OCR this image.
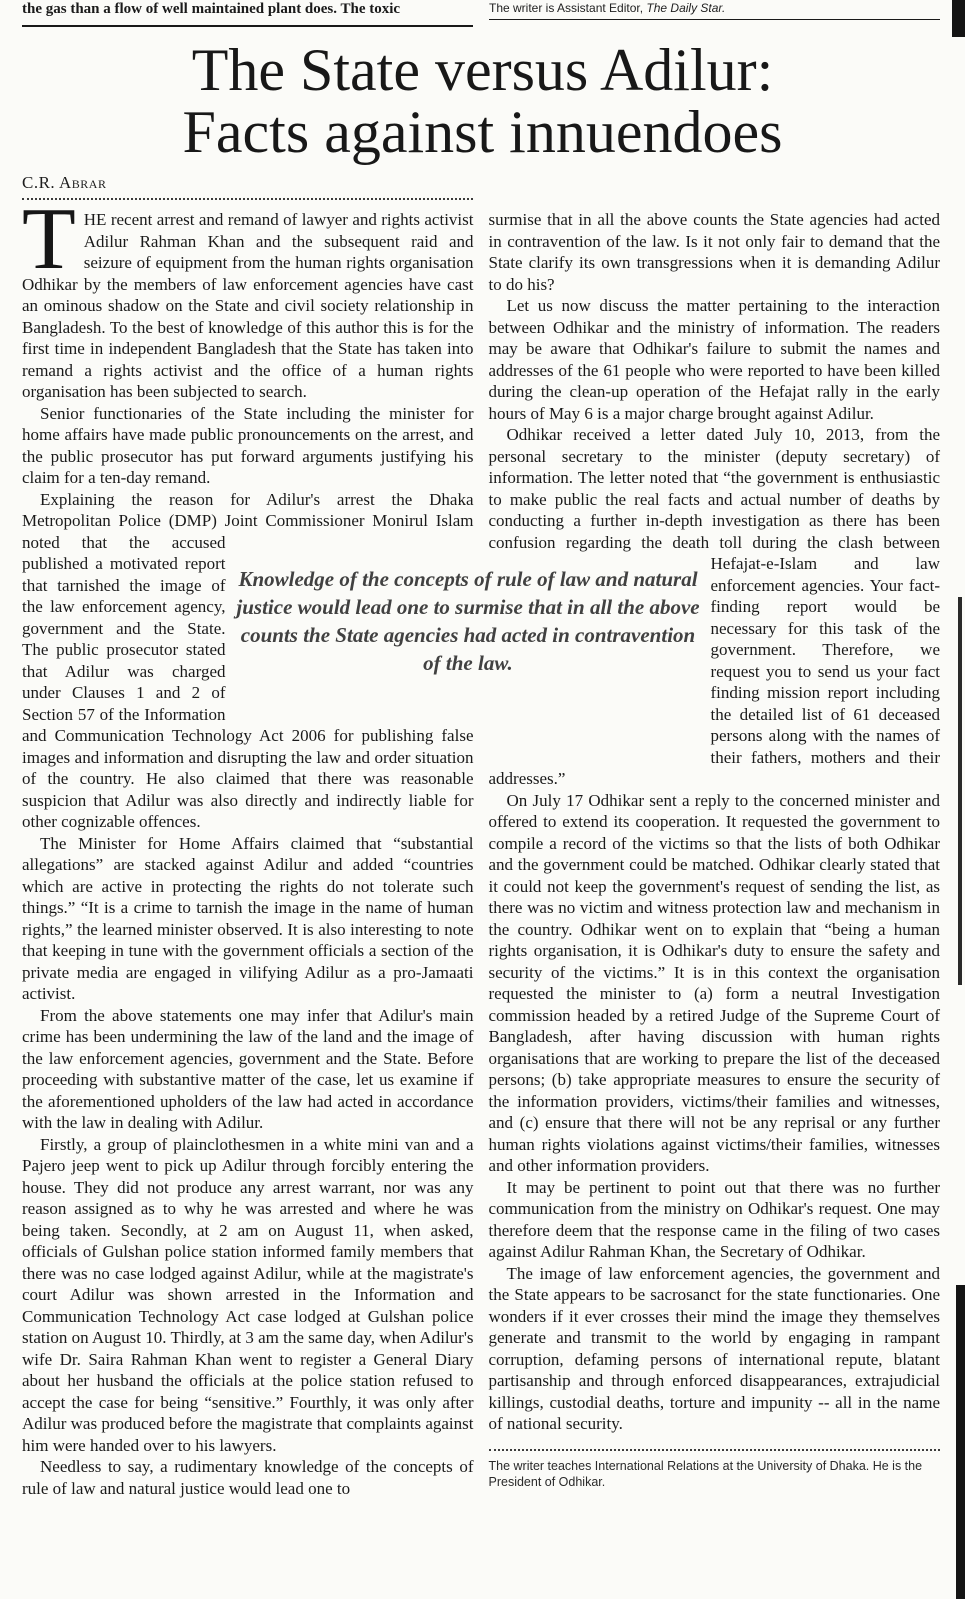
the gas than a flow of well maintained plant does. The toxic	The writer is Assistant Editor, The Daily Star.
The State versus Adilur:
Facts against innuendoes
C.R. Abrar

THE recent arrest and remand of lawyer and rights activist Adilur Rahman Khan and the subsequent raid and seizure of equipment from the human rights organisation Odhikar by the members of law enforcement agencies have cast an ominous shadow on the State and civil society relationship in Bangladesh. To the best of knowledge of this author this is for the first time in independent Bangladesh that the State has taken into remand a rights activist and the office of a human rights organisation has been subjected to search.

Senior functionaries of the State including the minister for home affairs have made public pronouncements on the arrest, and the public prosecutor has put forward arguments justifying his claim for a ten-day remand.

Explaining the reason for Adilur's arrest the Dhaka Metropolitan Police (DMP) Joint Commissioner Monirul
Islam noted that the accused published a motivated report that tarnished the image of the law enforcement agency, government and the State. The public prosecutor stated that Adilur was charged under Clauses 1 and 2 of Section 57 of the Information and Communication Technology Act 2006 for publishing false images and information and disrupting the law and order situation of the country. He also claimed that there was reasonable suspicion that Adilur was also directly and indirectly liable for other cognizable offences.

The Minister for Home Affairs claimed that “substantial allegations” are stacked against Adilur and added “countries which are active in protecting the rights do not tolerate such things.” “It is a crime to tarnish the image in the name of human rights,” the learned minister observed. It is also interesting to note that keeping in tune with the government officials a section of the private media are engaged in vilifying Adilur as a pro-Jamaati activist.

From the above statements one may infer that Adilur's main crime has been undermining the law of the land and the image of the law enforcement agencies, government and the State. Before proceeding with substantive matter of the case, let us examine if the aforementioned upholders of the law had acted in accordance with the law in dealing with Adilur.

Firstly, a group of plainclothesmen in a white mini van and a Pajero jeep went to pick up Adilur through forcibly entering the house. They did not produce any arrest warrant, nor was any reason assigned as to why he was arrested and where he was being taken. Secondly, at 2 am on August 11, when asked, officials of Gulshan police station informed family members that there was no case lodged against Adilur, while at the magistrate's court Adilur was shown arrested in the Information and Communication Technology Act case lodged at Gulshan police station on August 10. Thirdly, at 3 am the same day, when Adilur's wife Dr. Saira Rahman Khan went to register a General Diary about her husband the officials at the police station refused to accept the case for being “sensitive.” Fourthly, it was only after Adilur was produced before the magistrate that complaints against him were handed over to his lawyers.

Needless to say, a rudimentary knowledge of the concepts of rule of law and natural justice would lead one to

surmise that in all the above counts the State agencies had acted in contravention of the law. Is it not only fair to demand that the State clarify its own transgressions when it is demanding Adilur to do his?

Let us now discuss the matter pertaining to the interaction between Odhikar and the ministry of information. The readers may be aware that Odhikar's failure to submit the names and addresses of the 61 people who were reported to have been killed during the clean-up operation of the Hefajat rally in the early hours of May 6 is a major charge brought against Adilur.

Odhikar received a letter dated July 10, 2013, from the personal secretary to the minister (deputy secretary) of information. The letter noted that “the government is enthusiastic to make public the real facts and actual number of deaths by conducting a further in-depth investigation as there has been confusion regarding the death toll during the clash between Hefajat-e-Islam and law
enforcement agencies. Your fact-finding report would be necessary for this task of the government. Therefore, we request you to send us your fact finding mission report including the detailed list of 61 deceased persons along with the names of their fathers, mothers and their addresses.”

On July 17 Odhikar sent a reply to the concerned minister and offered to extend its cooperation. It requested the government to compile a record of the victims so that the lists of both Odhikar and the government could be matched. Odhikar clearly stated that it could not keep the government's request of sending the list, as there was no victim and witness protection law and mechanism in the country. Odhikar went on to explain that “being a human rights organisation, it is Odhikar's duty to ensure the safety and security of the victims.” It is in this context the organisation requested the minister to (a) form a neutral Investigation commission headed by a retired Judge of the Supreme Court of Bangladesh, after having discussion with human rights organisations that are working to prepare the list of the deceased persons; (b) take appropriate measures to ensure the security of the information providers, victims/their families and witnesses, and (c) ensure that there will not be any reprisal or any further human rights violations against victims/their families, witnesses and other information providers.

It may be pertinent to point out that there was no further communication from the ministry on Odhikar's request. One may therefore deem that the response came in the filing of two cases against Adilur Rahman Khan, the Secretary of Odhikar.

The image of law enforcement agencies, the government and the State appears to be sacrosanct for the state functionaries. One wonders if it ever crosses their mind the image they themselves generate and transmit to the world by engaging in rampant corruption, defaming persons of international repute, blatant partisanship and through enforced disappearances, extrajudicial killings, custodial deaths, torture and impunity -- all in the name of national security.

The writer teaches International Relations at the University of Dhaka. He is the President of Odhikar.

Knowledge of the concepts of rule of law and natural justice would lead one to surmise that in all the above counts the State agencies had acted in contravention of the law.
